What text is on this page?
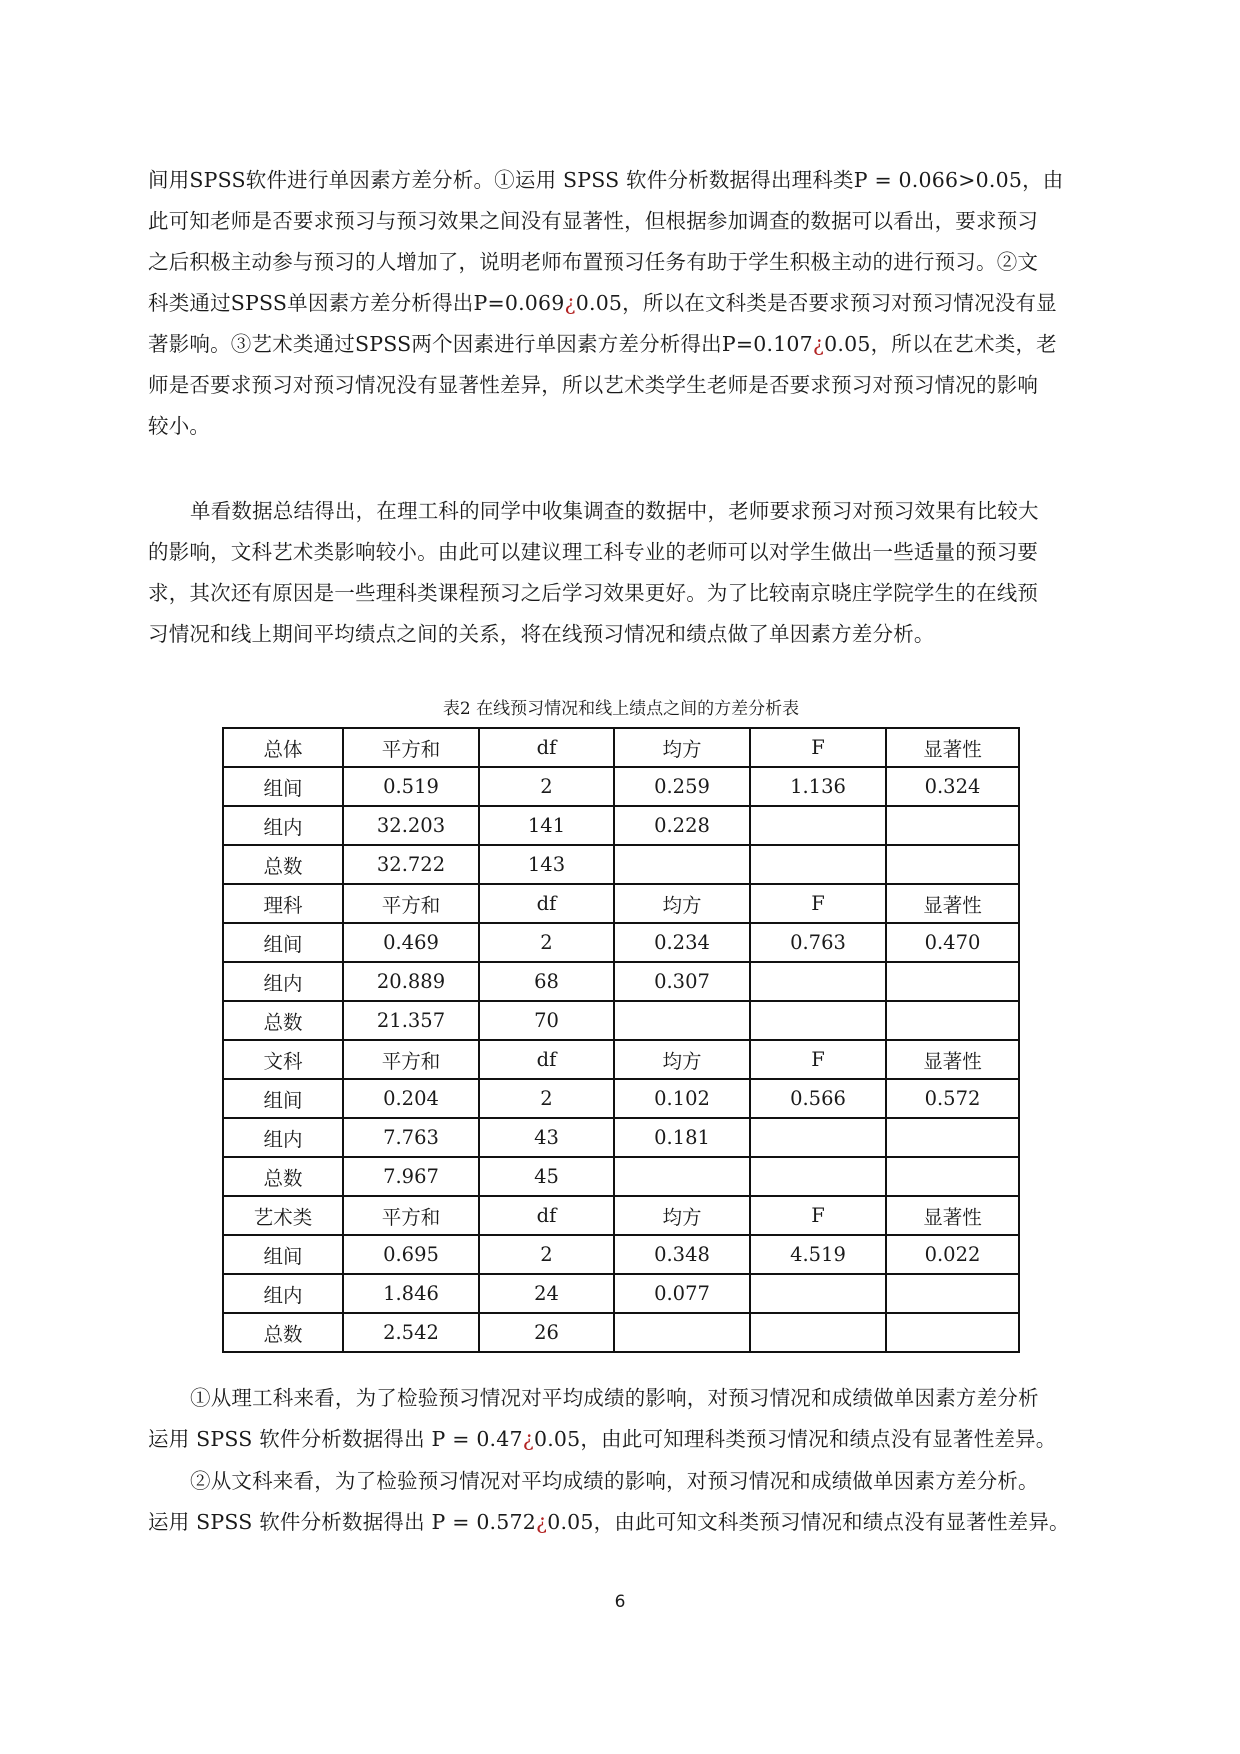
间用SPSS软件进行单因素方差分析。①运用 SPSS 软件分析数据得出理科类P = 0.066>0.05，由
此可知老师是否要求预习与预习效果之间没有显著性，但根据参加调查的数据可以看出，要求预习
之后积极主动参与预习的人增加了，说明老师布置预习任务有助于学生积极主动的进行预习。②文
科类通过SPSS单因素方差分析得出P=0.069¿0.05，所以在文科类是否要求预习对预习情况没有显
著影响。③艺术类通过SPSS两个因素进行单因素方差分析得出P=0.107¿0.05，所以在艺术类，老
师是否要求预习对预习情况没有显著性差异，所以艺术类学生老师是否要求预习对预习情况的影响
较小。

单看数据总结得出，在理工科的同学中收集调查的数据中，老师要求预习对预习效果有比较大
的影响，文科艺术类影响较小。由此可以建议理工科专业的老师可以对学生做出一些适量的预习要
求，其次还有原因是一些理科类课程预习之后学习效果更好。为了比较南京晓庄学院学生的在线预
习情况和线上期间平均绩点之间的关系，将在线预习情况和绩点做了单因素方差分析。

表2 在线预习情况和线上绩点之间的方差分析表
总体	平方和	df	均方	F	显著性
组间	0.519	2	0.259	1.136	0.324
组内	32.203	141	0.228		
总数	32.722	143			
理科	平方和	df	均方	F	显著性
组间	0.469	2	0.234	0.763	0.470
组内	20.889	68	0.307		
总数	21.357	70			
文科	平方和	df	均方	F	显著性
组间	0.204	2	0.102	0.566	0.572
组内	7.763	43	0.181		
总数	7.967	45			
艺术类	平方和	df	均方	F	显著性
组间	0.695	2	0.348	4.519	0.022
组内	1.846	24	0.077		
总数	2.542	26			

①从理工科来看，为了检验预习情况对平均成绩的影响，对预习情况和成绩做单因素方差分析
运用 SPSS 软件分析数据得出 P = 0.47¿0.05，由此可知理科类预习情况和绩点没有显著性差异。

②从文科来看，为了检验预习情况对平均成绩的影响，对预习情况和成绩做单因素方差分析。
运用 SPSS 软件分析数据得出 P = 0.572¿0.05，由此可知文科类预习情况和绩点没有显著性差异。

6
